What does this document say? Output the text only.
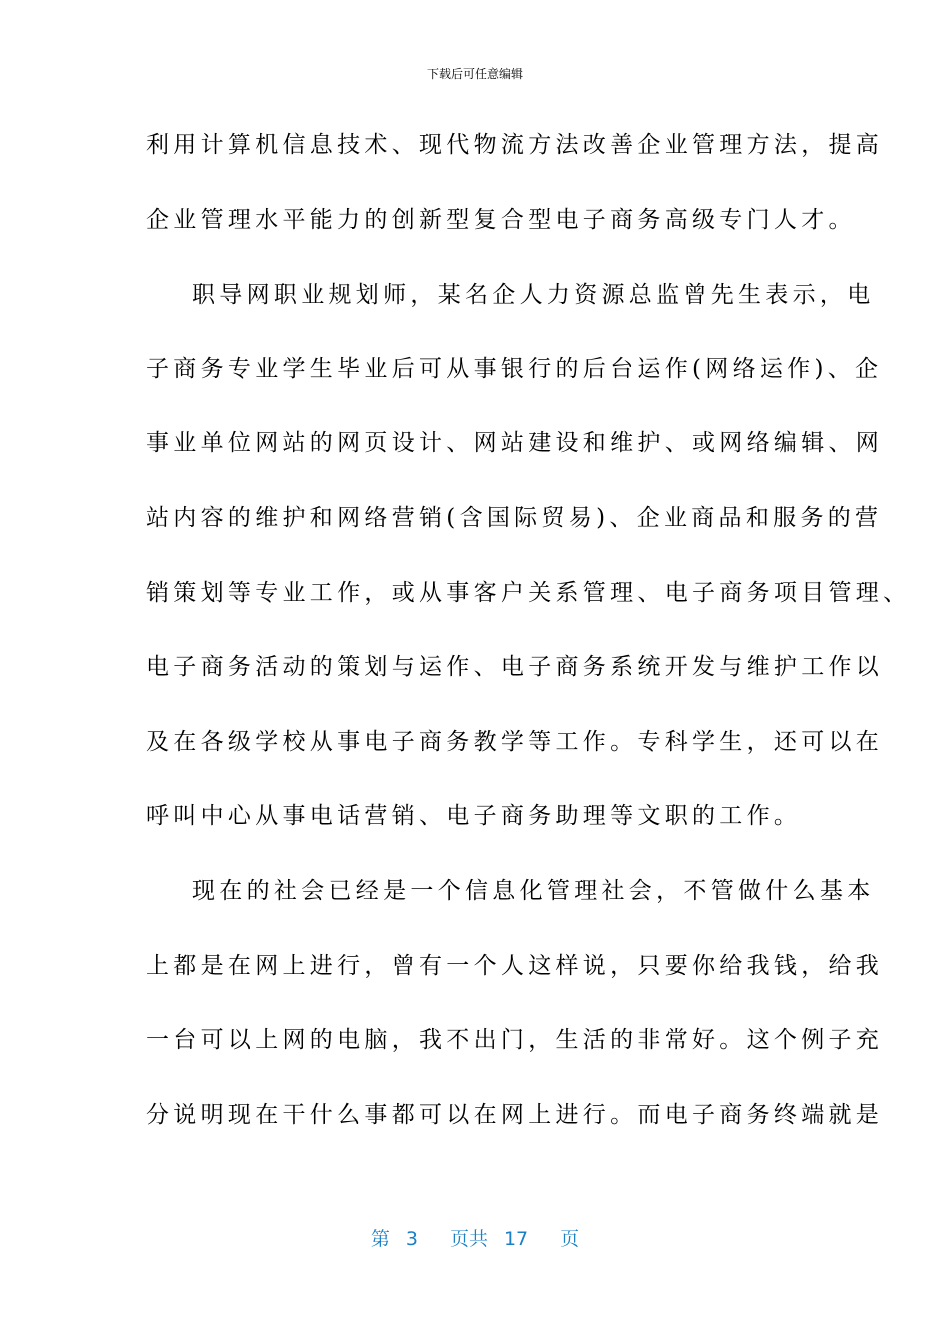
下载后可任意编辑
利用计算机信息技术、现代物流方法改善企业管理方法，提高
企业管理水平能力的创新型复合型电子商务高级专门人才。
职导网职业规划师，某名企人力资源总监曾先生表示，电
子商务专业学生毕业后可从事银行的后台运作(网络运作)、企
事业单位网站的网页设计、网站建设和维护、或网络编辑、网
站内容的维护和网络营销(含国际贸易)、企业商品和服务的营
销策划等专业工作，或从事客户关系管理、电子商务项目管理、
电子商务活动的策划与运作、电子商务系统开发与维护工作以
及在各级学校从事电子商务教学等工作。专科学生，还可以在
呼叫中心从事电话营销、电子商务助理等文职的工作。
现在的社会已经是一个信息化管理社会，不管做什么基本
上都是在网上进行，曾有一个人这样说，只要你给我钱，给我
一台可以上网的电脑，我不出门，生活的非常好。这个例子充
分说明现在干什么事都可以在网上进行。而电子商务终端就是
第 3 页共 17 页
